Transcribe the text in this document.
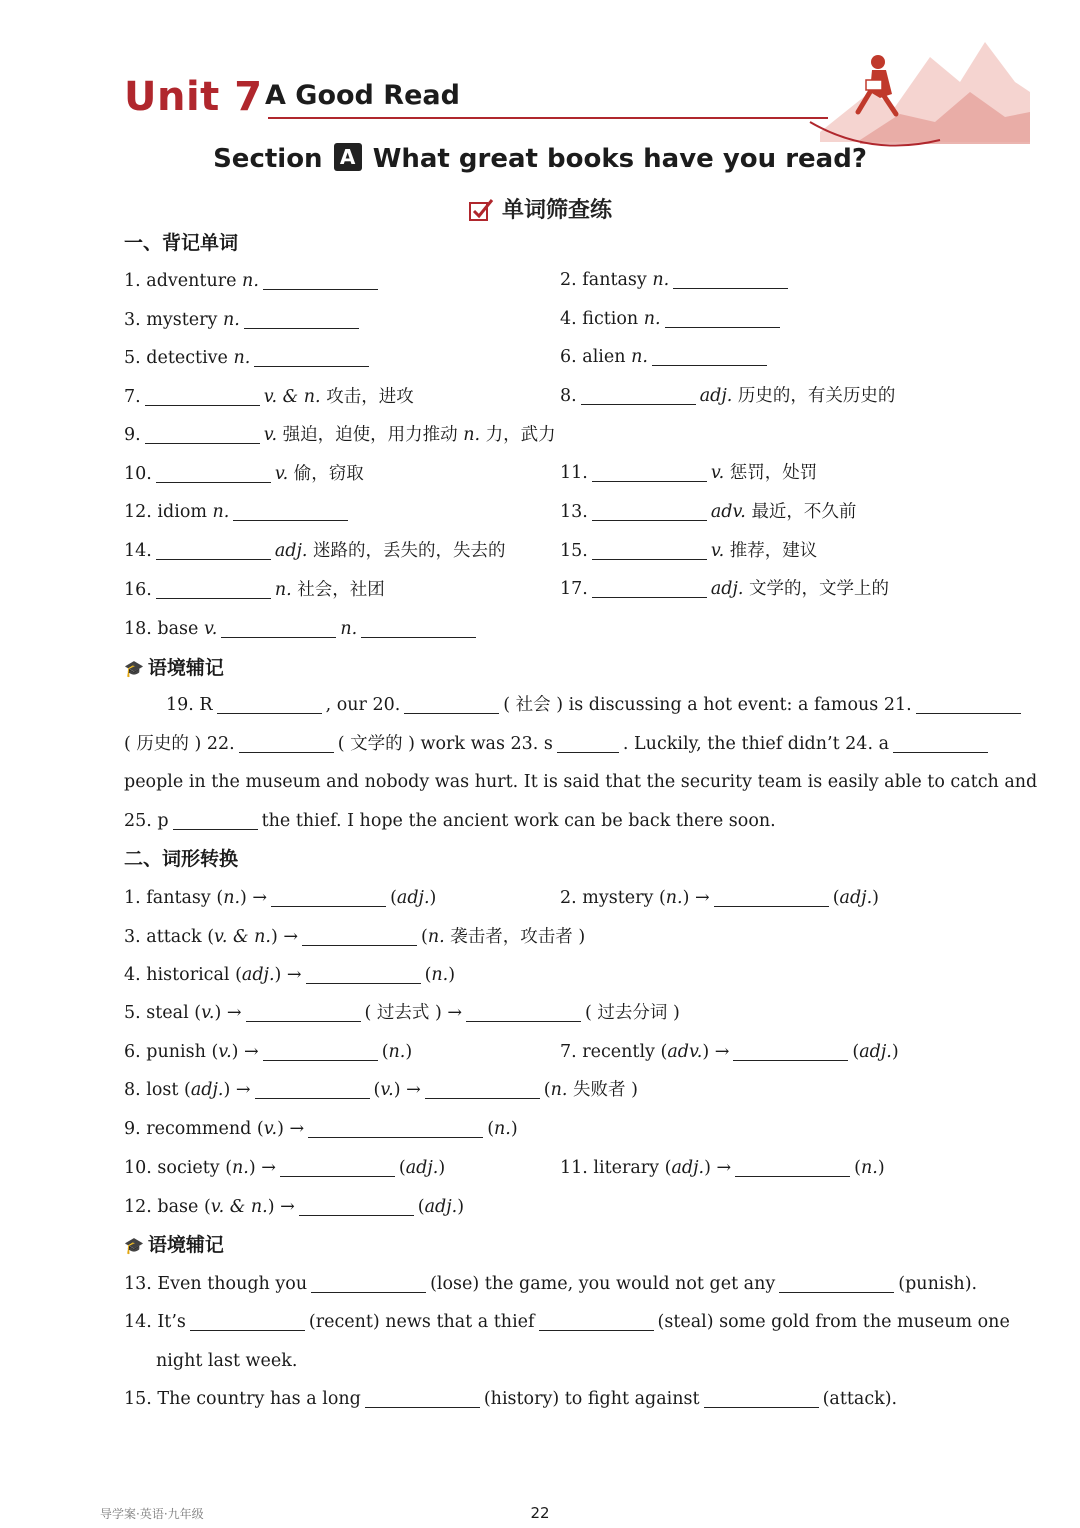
Unit 7 A Good Read
Section A What great books have you read?
单词筛查练
一、背记单词
1. adventure n.	2. fantasy n.
3. mystery n.	4. fiction n.
5. detective n.	6. alien n.
7.	v. & n. 攻击，进攻	8.	adj. 历史的，有关历史的
9.	v. 强迫，迫使，用力推动 n. 力，武力
10.	v. 偷，窃取	11.	v. 惩罚，处罚
12. idiom n.	13.	adv. 最近，不久前
14.	adj. 迷路的，丢失的，失去的	15.	v. 推荐，建议
16.	n. 社会，社团	17.	adj. 文学的，文学上的
18. base v.	n.
🎓 语境辅记
19. R	, our 20.	( 社会 ) is discussing a hot event: a famous 21.
( 历史的 ) 22.	( 文学的 ) work was 23. s	. Luckily, the thief didn’t 24. a
people in the museum and nobody was hurt. It is said that the security team is easily able to catch and
25. p	the thief. I hope the ancient work can be back there soon.
二、词形转换
1. fantasy (n.) →	(adj.)	2. mystery (n.) →	(adj.)
3. attack (v. & n.) →	(n. 袭击者，攻击者 )
4. historical (adj.) →	(n.)
5. steal (v.) →	( 过去式 ) →	( 过去分词 )
6. punish (v.) →	(n.)	7. recently (adv.) →	(adj.)
8. lost (adj.) →	(v.) →	(n. 失败者 )
9. recommend (v.) →	(n.)
10. society (n.) →	(adj.)	11. literary (adj.) →	(n.)
12. base (v. & n.) →	(adj.)
🎓 语境辅记
13. Even though you	(lose) the game, you would not get any	(punish).
14. It’s	(recent) news that a thief	(steal) some gold from the museum one
night last week.
15. The country has a long	(history) to fight against	(attack).
导学案·英语·九年级	22
